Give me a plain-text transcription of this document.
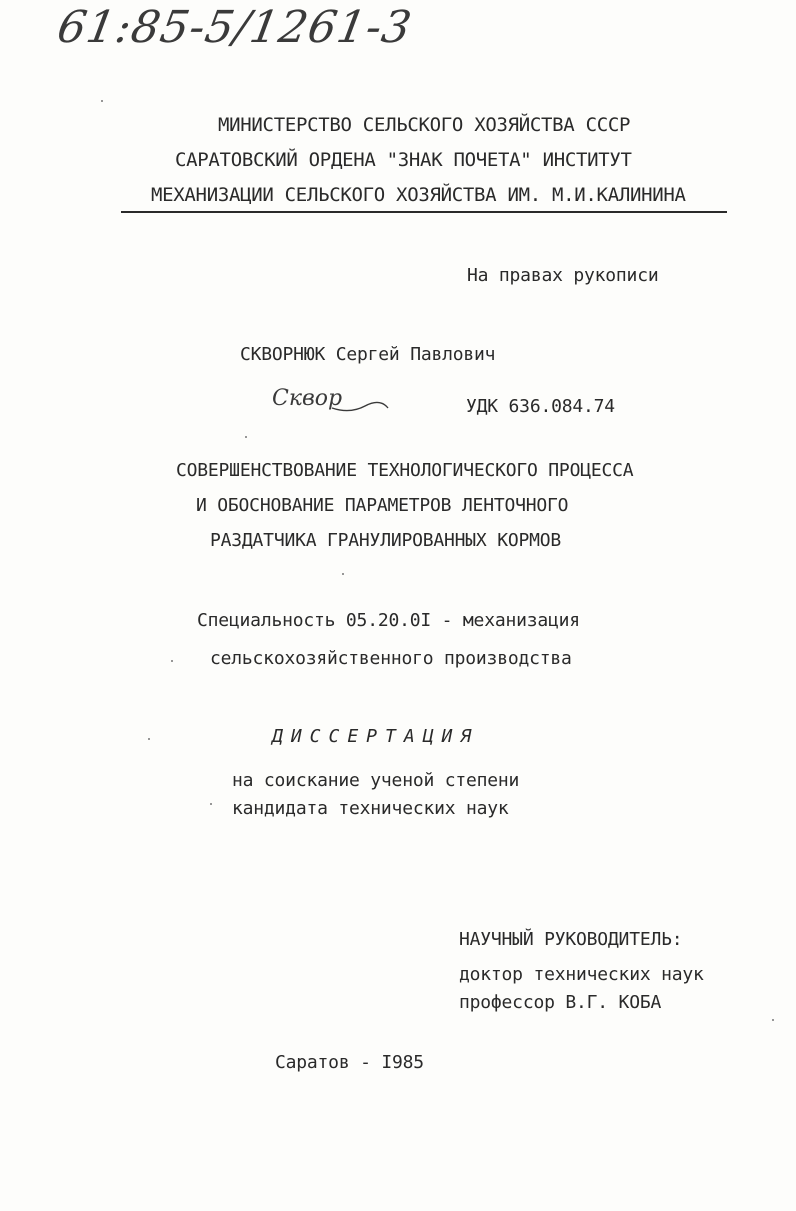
61:85-5/1261-3
МИНИСТЕРСТВО СЕЛЬСКОГО ХОЗЯЙСТВА СССР
САРАТОВСКИЙ ОРДЕНА "ЗНАК ПОЧЕТА" ИНСТИТУТ
МЕХАНИЗАЦИИ СЕЛЬСКОГО ХОЗЯЙСТВА ИМ. М.И.КАЛИНИНА
На правах рукописи
СКВОРНЮК Сергей Павлович
Сквор	УДК 636.084.74
СОВЕРШЕНСТВОВАНИЕ ТЕХНОЛОГИЧЕСКОГО ПРОЦЕССА
И ОБОСНОВАНИЕ ПАРАМЕТРОВ ЛЕНТОЧНОГО
РАЗДАТЧИКА ГРАНУЛИРОВАННЫХ КОРМОВ
Специальность 05.20.0I - механизация
сельскохозяйственного производства
ДИССЕРТАЦИЯ
на соискание ученой степени
кандидата технических наук
НАУЧНЫЙ РУКОВОДИТЕЛЬ:
доктор технических наук
профессор В.Г. КОБА
Саратов - I985
